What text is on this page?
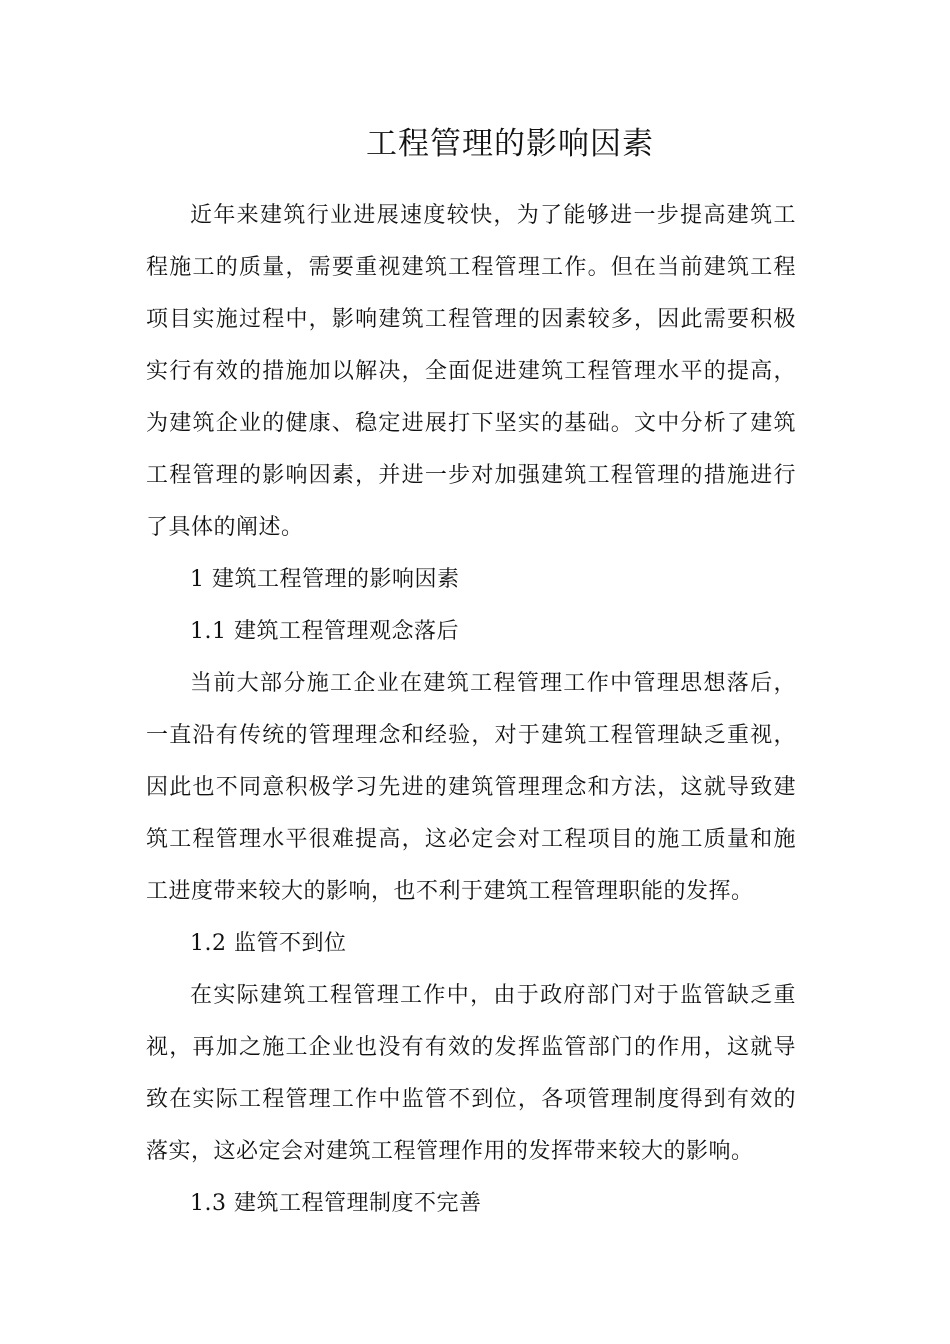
工程管理的影响因素

近年来建筑行业进展速度较快，为了能够进一步提高建筑工程施工的质量，需要重视建筑工程管理工作。但在当前建筑工程项目实施过程中，影响建筑工程管理的因素较多，因此需要积极实行有效的措施加以解决，全面促进建筑工程管理水平的提高，为建筑企业的健康、稳定进展打下坚实的基础。文中分析了建筑工程管理的影响因素，并进一步对加强建筑工程管理的措施进行了具体的阐述。

1 建筑工程管理的影响因素

1.1 建筑工程管理观念落后

当前大部分施工企业在建筑工程管理工作中管理思想落后，一直沿有传统的管理理念和经验，对于建筑工程管理缺乏重视，因此也不同意积极学习先进的建筑管理理念和方法，这就导致建筑工程管理水平很难提高，这必定会对工程项目的施工质量和施工进度带来较大的影响，也不利于建筑工程管理职能的发挥。

1.2 监管不到位

在实际建筑工程管理工作中，由于政府部门对于监管缺乏重视，再加之施工企业也没有有效的发挥监管部门的作用，这就导致在实际工程管理工作中监管不到位，各项管理制度得到有效的落实，这必定会对建筑工程管理作用的发挥带来较大的影响。

1.3 建筑工程管理制度不完善
